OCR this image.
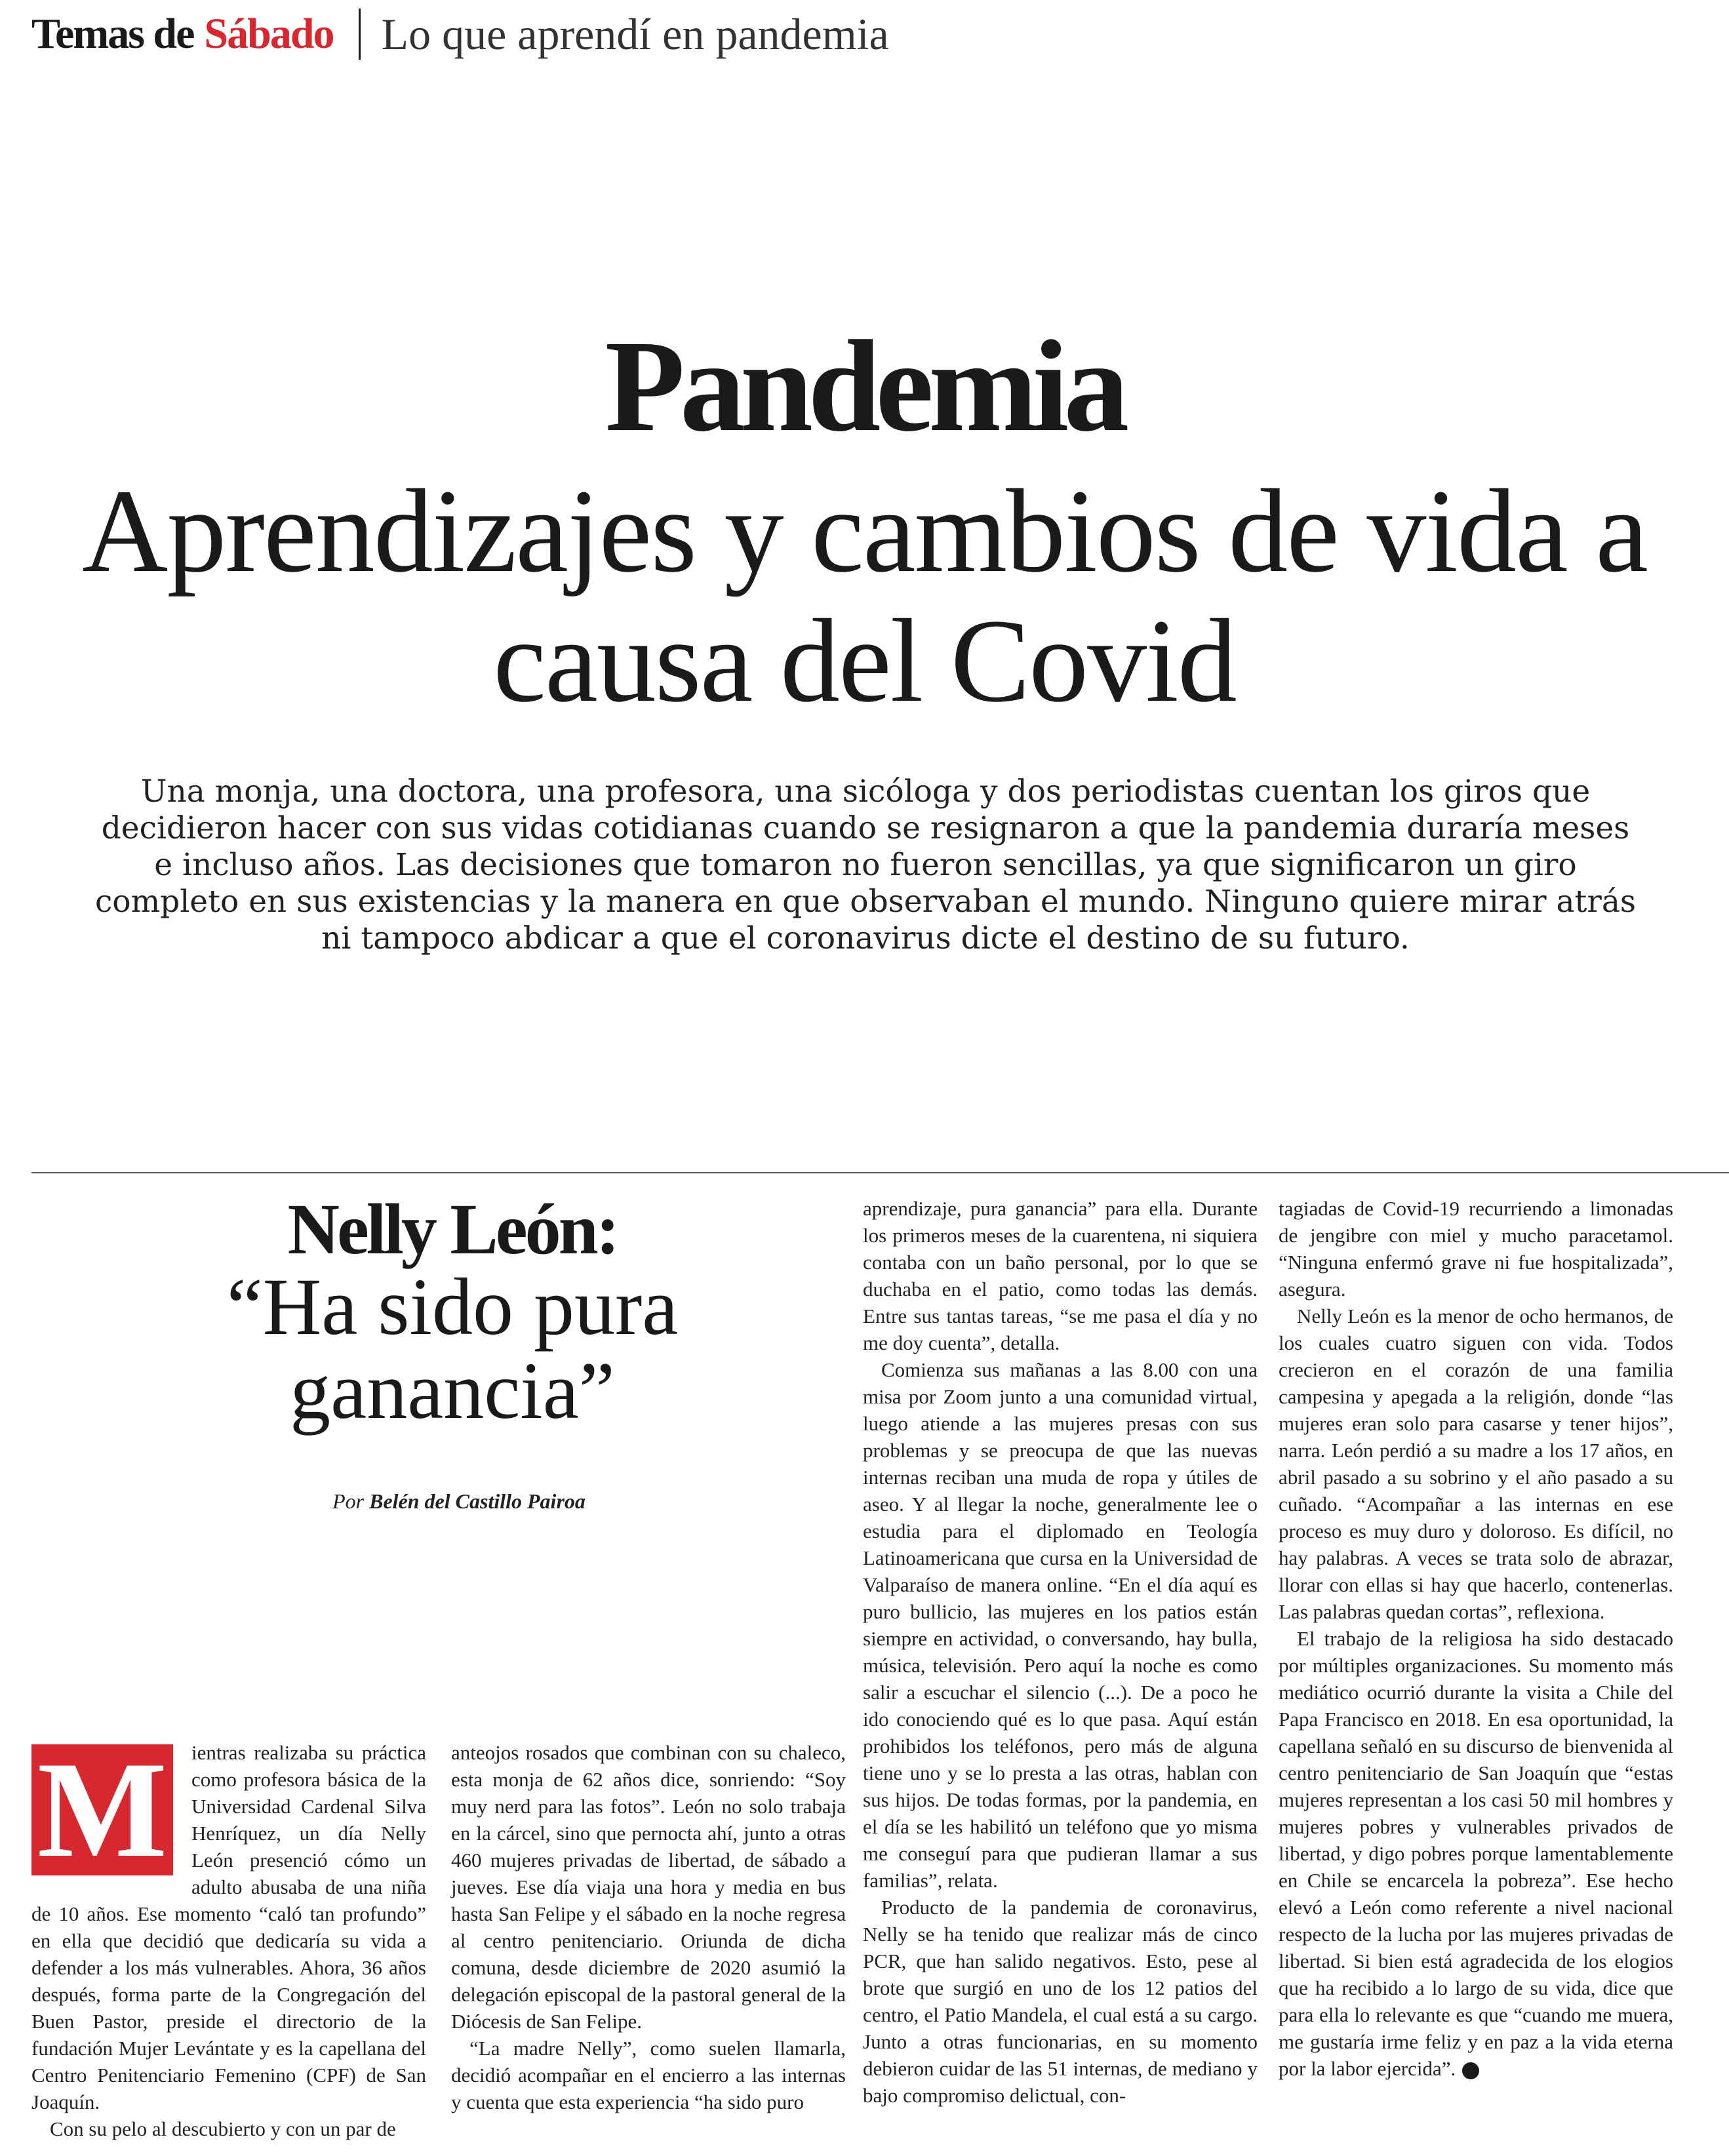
Temas de Sábado Lo que aprendí en pandemia
Pandemia
Aprendizajes y cambios de vida a causa del Covid
Una monja, una doctora, una profesora, una sicóloga y dos periodistas cuentan los giros que decidieron hacer con sus vidas cotidianas cuando se resignaron a que la pandemia duraría meses e incluso años. Las decisiones que tomaron no fueron sencillas, ya que significaron un giro completo en sus existencias y la manera en que observaban el mundo. Ninguno quiere mirar atrás ni tampoco abdicar a que el coronavirus dicte el destino de su futuro.
Nelly León:
“Ha sido pura ganancia”
Por Belén del Castillo Pairoa
M	ientras realizaba su práctica como profesora básica de la Universidad Cardenal Silva Henríquez, un día Nelly León presenció cómo un adulto abusaba de una niña de 10 años. Ese momento “caló tan profundo” en ella que decidió que dedicaría su vida a defender a los más vulnerables. Ahora, 36 años después, forma parte de la Congregación del Buen Pastor, preside el directorio de la fundación Mujer Levántate y es la capellana del Centro Penitenciario Femenino (CPF) de San Joaquín.

Con su pelo al descubierto y con un par de

anteojos rosados que combinan con su chaleco, esta monja de 62 años dice, sonriendo: “Soy muy nerd para las fotos”. León no solo trabaja en la cárcel, sino que pernocta ahí, junto a otras 460 mujeres privadas de libertad, de sábado a jueves. Ese día viaja una hora y media en bus hasta San Felipe y el sábado en la noche regresa al centro penitenciario. Oriunda de dicha comuna, desde diciembre de 2020 asumió la delegación episcopal de la pastoral general de la Diócesis de San Felipe.

“La madre Nelly”, como suelen llamarla, decidió acompañar en el encierro a las internas y cuenta que esta experiencia “ha sido puro

aprendizaje, pura ganancia” para ella. Durante los primeros meses de la cuarentena, ni siquiera contaba con un baño personal, por lo que se duchaba en el patio, como todas las demás. Entre sus tantas tareas, “se me pasa el día y no me doy cuenta”, detalla.

Comienza sus mañanas a las 8.00 con una misa por Zoom junto a una comunidad virtual, luego atiende a las mujeres presas con sus problemas y se preocupa de que las nuevas internas reciban una muda de ropa y útiles de aseo. Y al llegar la noche, generalmente lee o estudia para el diplomado en Teología Latinoamericana que cursa en la Universidad de Valparaíso de manera online. “En el día aquí es puro bullicio, las mujeres en los patios están siempre en actividad, o conversando, hay bulla, música, televisión. Pero aquí la noche es como salir a escuchar el silencio (...). De a poco he ido conociendo qué es lo que pasa. Aquí están prohibidos los teléfonos, pero más de alguna tiene uno y se lo presta a las otras, hablan con sus hijos. De todas formas, por la pandemia, en el día se les habilitó un teléfono que yo misma me conseguí para que pudieran llamar a sus familias”, relata.

Producto de la pandemia de coronavirus, Nelly se ha tenido que realizar más de cinco PCR, que han salido negativos. Esto, pese al brote que surgió en uno de los 12 patios del centro, el Patio Mandela, el cual está a su cargo. Junto a otras funcionarias, en su momento debieron cuidar de las 51 internas, de mediano y bajo compromiso delictual, con-

tagiadas de Covid-19 recurriendo a limonadas de jengibre con miel y mucho paracetamol. “Ninguna enfermó grave ni fue hospitalizada”, asegura.

Nelly León es la menor de ocho hermanos, de los cuales cuatro siguen con vida. Todos crecieron en el corazón de una familia campesina y apegada a la religión, donde “las mujeres eran solo para casarse y tener hijos”, narra. León perdió a su madre a los 17 años, en abril pasado a su sobrino y el año pasado a su cuñado. “Acompañar a las internas en ese proceso es muy duro y doloroso. Es difícil, no hay palabras. A veces se trata solo de abrazar, llorar con ellas si hay que hacerlo, contenerlas. Las palabras quedan cortas”, reflexiona.

El trabajo de la religiosa ha sido destacado por múltiples organizaciones. Su momento más mediático ocurrió durante la visita a Chile del Papa Francisco en 2018. En esa oportunidad, la capellana señaló en su discurso de bienvenida al centro penitenciario de San Joaquín que “estas mujeres representan a los casi 50 mil hombres y mujeres pobres y vulnerables privados de libertad, y digo pobres porque lamentablemente en Chile se encarcela la pobreza”. Ese hecho elevó a León como referente a nivel nacional respecto de la lucha por las mujeres privadas de libertad. Si bien está agradecida de los elogios que ha recibido a lo largo de su vida, dice que para ella lo relevante es que “cuando me muera, me gustaría irme feliz y en paz a la vida eterna por la labor ejercida”.
